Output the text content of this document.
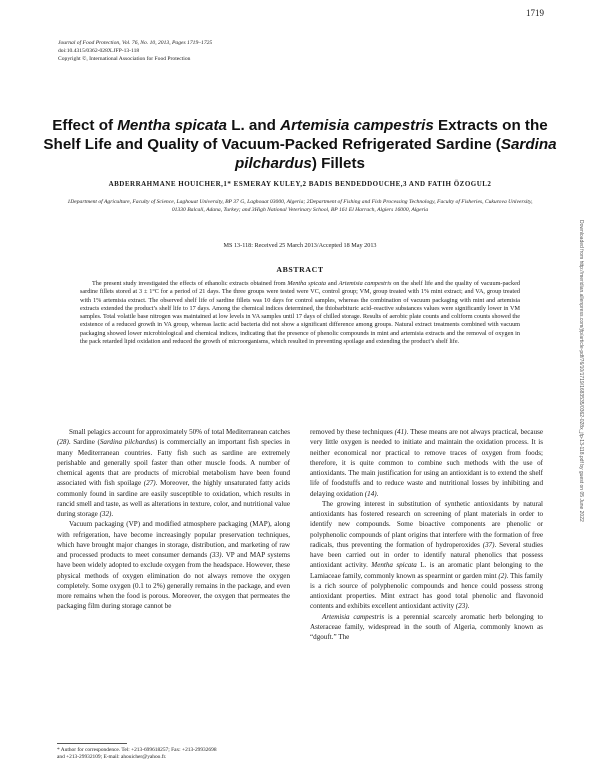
1719
Journal of Food Protection, Vol. 76, No. 10, 2013, Pages 1719–1725
doi:10.4315/0362-028X.JFP-13-118
Copyright ©, International Association for Food Protection
Effect of Mentha spicata L. and Artemisia campestris Extracts on the Shelf Life and Quality of Vacuum-Packed Refrigerated Sardine (Sardina pilchardus) Fillets
ABDERRAHMANE HOUICHER,1* ESMERAY KULEY,2 BADIS BENDEDDOUCHE,3 AND FATIH ÖZOGUL2
1Department of Agriculture, Faculty of Science, Laghouat University, BP 37 G, Laghouat 03000, Algeria; 2Department of Fishing and Fish Processing Technology, Faculty of Fisheries, Cukurova University, 01330 Balcali, Adana, Turkey; and 3High National Veterinary School, BP 161 El Harrach, Algiers 16000, Algeria
MS 13-118: Received 25 March 2013/Accepted 18 May 2013
ABSTRACT

The present study investigated the effects of ethanolic extracts obtained from Mentha spicata and Artemisia campestris on the shelf life and the quality of vacuum-packed sardine fillets stored at 3 ± 1°C for a period of 21 days. The three groups were tested were VC, control group; VM, group treated with 1% mint extract; and VA, group treated with 1% artemisia extract. The observed shelf life of sardine fillets was 10 days for control samples, whereas the combination of vacuum packaging with mint and artemisia extracts extended the product’s shelf life to 17 days. Among the chemical indices determined, the thiobarbituric acid–reactive substances values were significantly lower in VM samples. Total volatile base nitrogen was maintained at low levels in VA samples until 17 days of chilled storage. Results of aerobic plate counts and coliform counts showed the existence of a reduced growth in VA group, whereas lactic acid bacteria did not show a significant difference among groups. Natural extract treatments combined with vacuum packaging showed lower microbiological and chemical indices, indicating that the presence of phenolic compounds in mint and artemisia extracts and the removal of oxygen in the pack retarded lipid oxidation and reduced the growth of microorganisms, which resulted in preventing spoilage and extending the product’s shelf life.

Small pelagics account for approximately 50% of total Mediterranean catches (28). Sardine (Sardina pilchardus) is commercially an important fish species in many Mediterranean countries. Fatty fish such as sardine are extremely perishable and generally spoil faster than other muscle foods. A number of chemical agents that are products of microbial metabolism have been found associated with fish spoilage (27). Moreover, the highly unsaturated fatty acids commonly found in sardine are easily susceptible to oxidation, which results in rancid smell and taste, as well as alterations in texture, color, and nutritional value during storage (32).

Vacuum packaging (VP) and modified atmosphere packaging (MAP), along with refrigeration, have become increasingly popular preservation techniques, which have brought major changes in storage, distribution, and marketing of raw and processed products to meet consumer demands (33). VP and MAP systems have been widely adopted to exclude oxygen from the headspace. However, these physical methods of oxygen elimination do not always remove the oxygen completely. Some oxygen (0.1 to 2%) generally remains in the package, and even more remains when the food is porous. Moreover, the oxygen that permeates the packaging film during storage cannot be

removed by these techniques (41). These means are not always practical, because very little oxygen is needed to initiate and maintain the oxidation process. It is neither economical nor practical to remove traces of oxygen from foods; therefore, it is quite common to combine such methods with the use of antioxidants. The main justification for using an antioxidant is to extend the shelf life of foodstuffs and to reduce waste and nutritional losses by inhibiting and delaying oxidation (14).

The growing interest in substitution of synthetic antioxidants by natural antioxidants has fostered research on screening of plant materials in order to identify new compounds. Some bioactive components are phenolic or polyphenolic compounds of plant origins that interfere with the formation of free radicals, thus preventing the formation of hydroperoxides (37). Several studies have been carried out in order to identify natural phenolics that possess antioxidant activity. Mentha spicata L. is an aromatic plant belonging to the Lamiaceae family, commonly known as spearmint or garden mint (2). This family is a rich source of polyphenolic compounds and hence could possess strong antioxidant properties. Mint extract has good total phenolic and flavonoid contents and exhibits excellent antioxidant activity (23).

Artemisia campestris is a perennial scarcely aromatic herb belonging to Asteraceae family, widespread in the south of Algeria, commonly known as “dgouft.” The

* Author for correspondence. Tel: +213-699618257; Fax: +213-29932698
and +213-29932109; E-mail: ahouicher@yahoo.fr.
Downloaded from http://meridian.allenpress.com/jfp/article-pdf/76/10/1719/1683535/0362-028x_jfp-13-118.pdf by guest on 05 June 2022
